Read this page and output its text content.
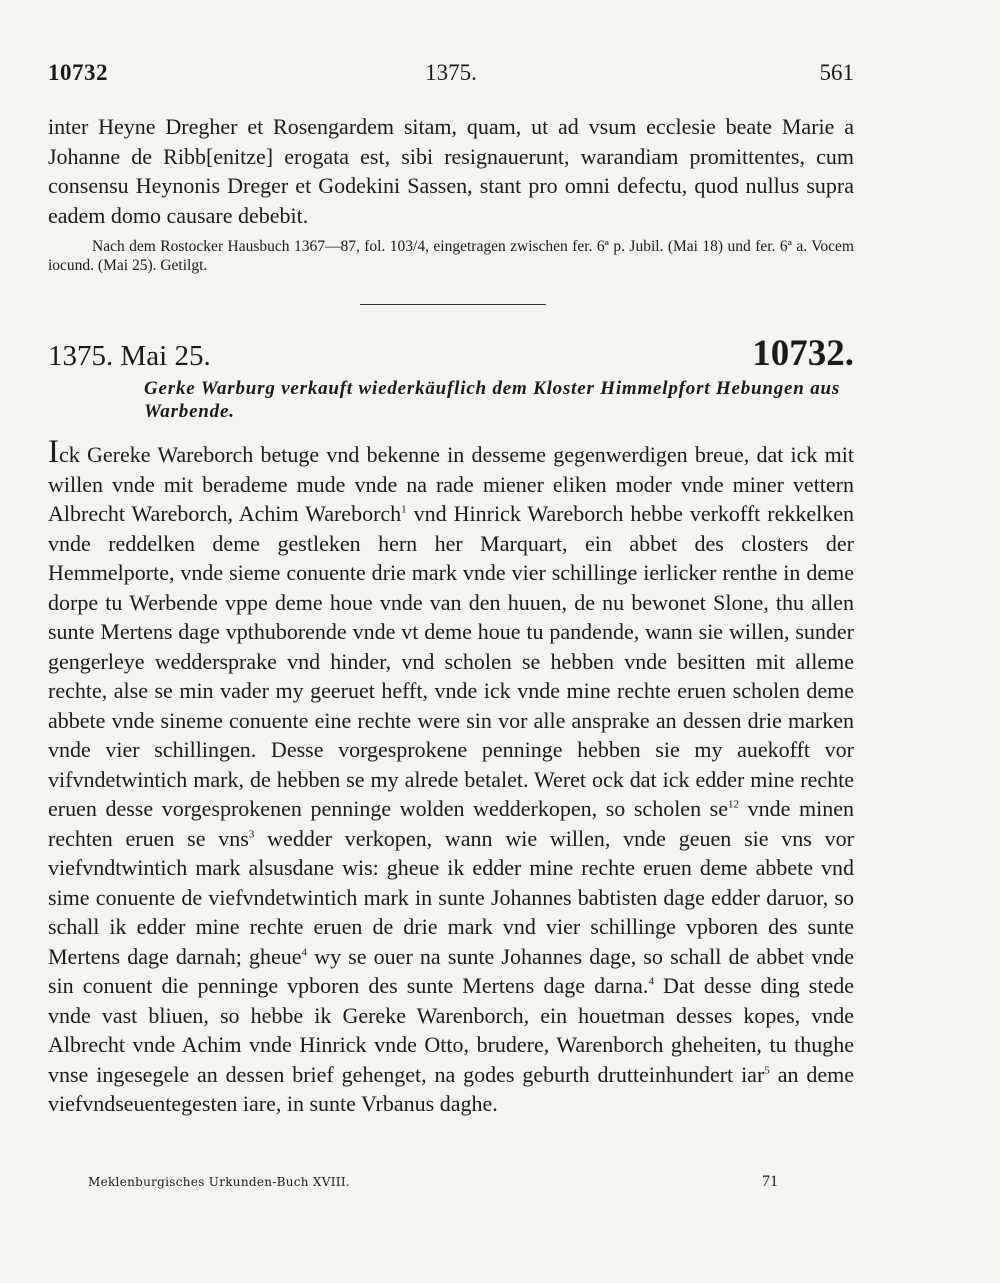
10732	1375.	561

inter Heyne Dregher et Rosengardem sitam, quam, ut ad vsum ecclesie beate Marie a Johanne de Ribb[enitze] erogata est, sibi resignauerunt, warandiam promittentes, cum consensu Heynonis Dreger et Godekini Sassen, stant pro omni defectu, quod nullus supra eadem domo causare debebit.

Nach dem Rostocker Hausbuch 1367—87, fol. 103/4, eingetragen zwischen fer. 6ª p. Jubil. (Mai 18) und fer. 6ª a. Vocem iocund. (Mai 25). Getilgt.

1375. Mai 25.	10732.

Gerke Warburg verkauft wiederkäuflich dem Kloster Himmelpfort Hebungen aus Warbende.

Ick Gereke Wareborch betuge vnd bekenne in desseme gegenwerdigen breue, dat ick mit willen vnde mit berademe mude vnde na rade miener eliken moder vnde miner vettern Albrecht Wareborch, Achim Wareborch$^1$ vnd Hinrick Wareborch hebbe verkofft rekkelken vnde reddelken deme gestleken hern her Marquart, ein abbet des closters der Hemmelporte, vnde sieme conuente drie mark vnde vier schillinge ierlicker renthe in deme dorpe tu Werbende vppe deme houe vnde van den huuen, de nu bewonet Slone, thu allen sunte Mertens dage vpthuborende vnde vt deme houe tu pandende, wann sie willen, sunder gengerleye weddersprake vnd hinder, vnd scholen se hebben vnde besitten mit alleme rechte, alse se min vader my geeruet hefft, vnde ick vnde mine rechte eruen scholen deme abbete vnde sineme conuente eine rechte were sin vor alle ansprake an dessen drie marken vnde vier schillingen. Desse vorgesprokene penninge hebben sie my auekofft vor vifvndetwintich mark, de hebben se my alrede betalet. Weret ock dat ick edder mine rechte eruen desse vorgesprokenen penninge wolden wedderkopen, so scholen se$^{12}$ vnde minen rechten eruen se vns$^3$ wedder verkopen, wann wie willen, vnde geuen sie vns vor viefvndtwintich mark alsusdane wis: gheue ik edder mine rechte eruen deme abbete vnd sime conuente de viefvndetwintich mark in sunte Johannes babtisten dage edder daruor, so schall ik edder mine rechte eruen de drie mark vnd vier schillinge vpboren des sunte Mertens dage darnah; gheue$^4$ wy se ouer na sunte Johannes dage, so schall de abbet vnde sin conuent die penninge vpboren des sunte Mertens dage darna.$^4$ Dat desse ding stede vnde vast bliuen, so hebbe ik Gereke Warenborch, ein houetman desses kopes, vnde Albrecht vnde Achim vnde Hinrick vnde Otto, brudere, Warenborch gheheiten, tu thughe vnse ingesegele an dessen brief gehenget, na godes geburth drutteinhundert iar$^5$ an deme viefvndseuentegesten iare, in sunte Vrbanus daghe.

Meklenburgisches Urkunden-Buch XVIII.	71
